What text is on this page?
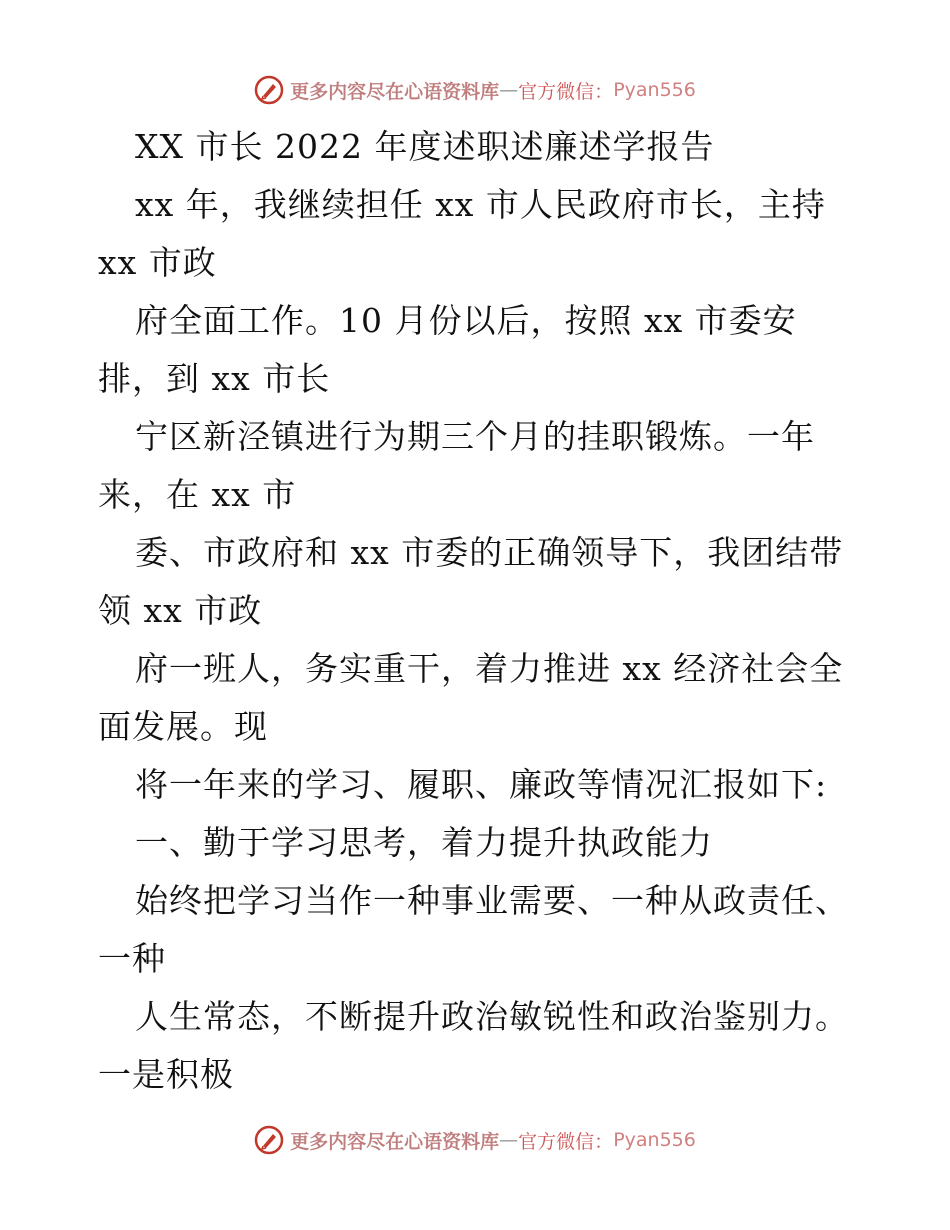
更多内容尽在心语资料库 — 官方微信： Pyan556
XX 市长 2022 年度述职述廉述学报告
xx 年，我继续担任 xx 市人民政府市长，主持
xx 市政
府全面工作。10 月份以后，按照 xx 市委安
排，到 xx 市长
宁区新泾镇进行为期三个月的挂职锻炼。一年
来，在 xx 市
委、市政府和 xx 市委的正确领导下，我团结带
领 xx 市政
府一班人，务实重干，着力推进 xx 经济社会全
面发展。现
将一年来的学习、履职、廉政等情况汇报如下:
一、勤于学习思考，着力提升执政能力
始终把学习当作一种事业需要、一种从政责任、
一种
人生常态，不断提升政治敏锐性和政治鉴别力。
一是积极
更多内容尽在心语资料库 — 官方微信： Pyan556
